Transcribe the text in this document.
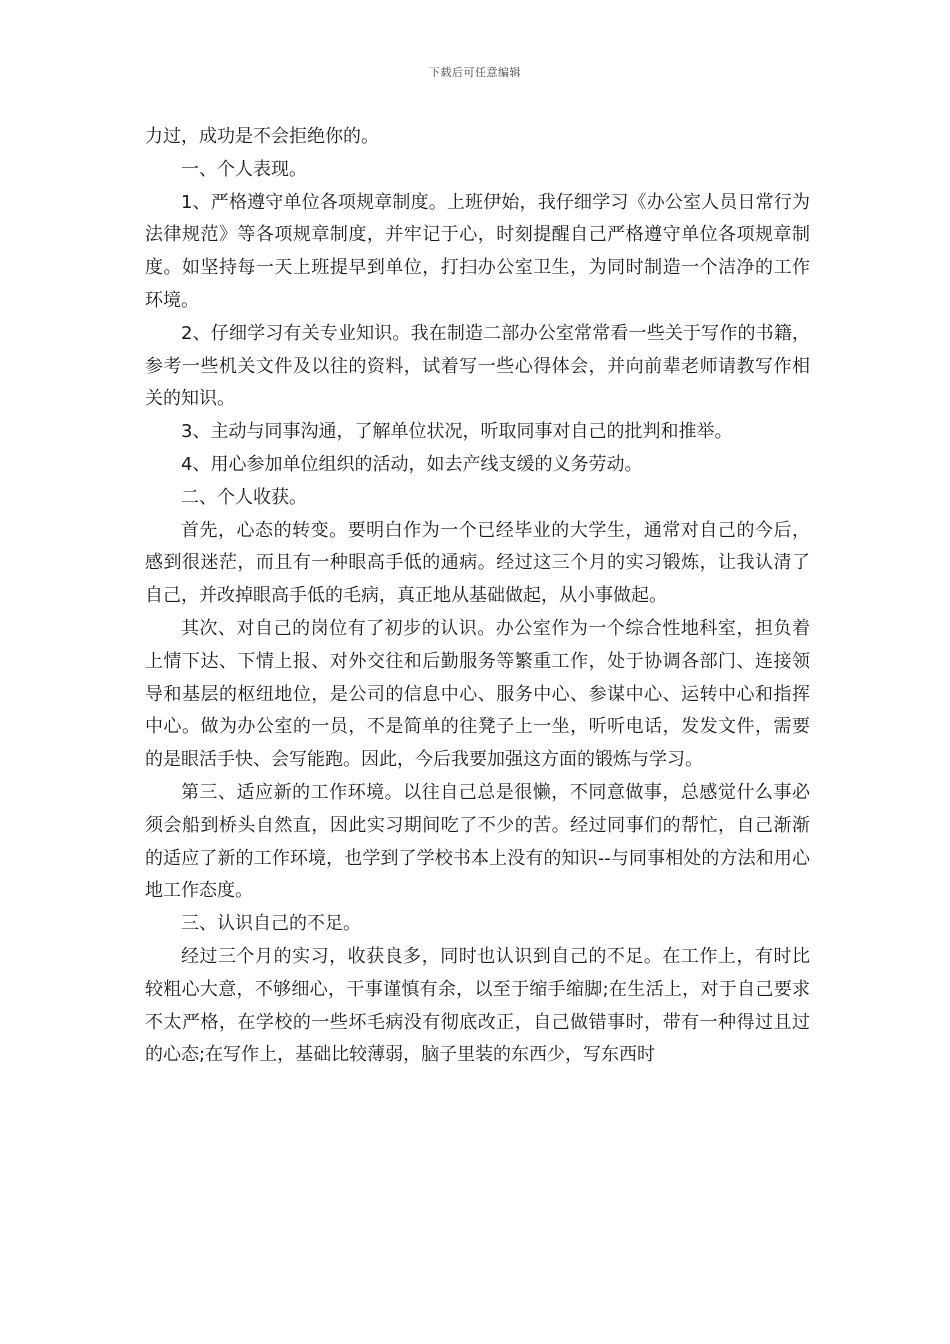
下载后可任意编辑

力过，成功是不会拒绝你的。

一、个人表现。

1、严格遵守单位各项规章制度。上班伊始，我仔细学习《办公室人员日常行为法律规范》等各项规章制度，并牢记于心，时刻提醒自己严格遵守单位各项规章制度。如坚持每一天上班提早到单位，打扫办公室卫生，为同时制造一个洁净的工作环境。

2、仔细学习有关专业知识。我在制造二部办公室常常看一些关于写作的书籍，参考一些机关文件及以往的资料，试着写一些心得体会，并向前辈老师请教写作相关的知识。

3、主动与同事沟通，了解单位状况，听取同事对自己的批判和推举。

4、用心参加单位组织的活动，如去产线支缓的义务劳动。

二、个人收获。

首先，心态的转变。要明白作为一个已经毕业的大学生，通常对自己的今后，感到很迷茫，而且有一种眼高手低的通病。经过这三个月的实习锻炼，让我认清了自己，并改掉眼高手低的毛病，真正地从基础做起，从小事做起。

其次、对自己的岗位有了初步的认识。办公室作为一个综合性地科室，担负着上情下达、下情上报、对外交往和后勤服务等繁重工作，处于协调各部门、连接领导和基层的枢纽地位，是公司的信息中心、服务中心、参谋中心、运转中心和指挥中心。做为办公室的一员，不是简单的往凳子上一坐，听听电话，发发文件，需要的是眼活手快、会写能跑。因此，今后我要加强这方面的锻炼与学习。

第三、适应新的工作环境。以往自己总是很懒，不同意做事，总感觉什么事必须会船到桥头自然直，因此实习期间吃了不少的苦。经过同事们的帮忙，自己渐渐的适应了新的工作环境，也学到了学校书本上没有的知识--与同事相处的方法和用心地工作态度。

三、认识自己的不足。

经过三个月的实习，收获良多，同时也认识到自己的不足。在工作上，有时比较粗心大意，不够细心，干事谨慎有余，以至于缩手缩脚;在生活上，对于自己要求不太严格，在学校的一些坏毛病没有彻底改正，自己做错事时，带有一种得过且过的心态;在写作上，基础比较薄弱，脑子里装的东西少，写东西时
